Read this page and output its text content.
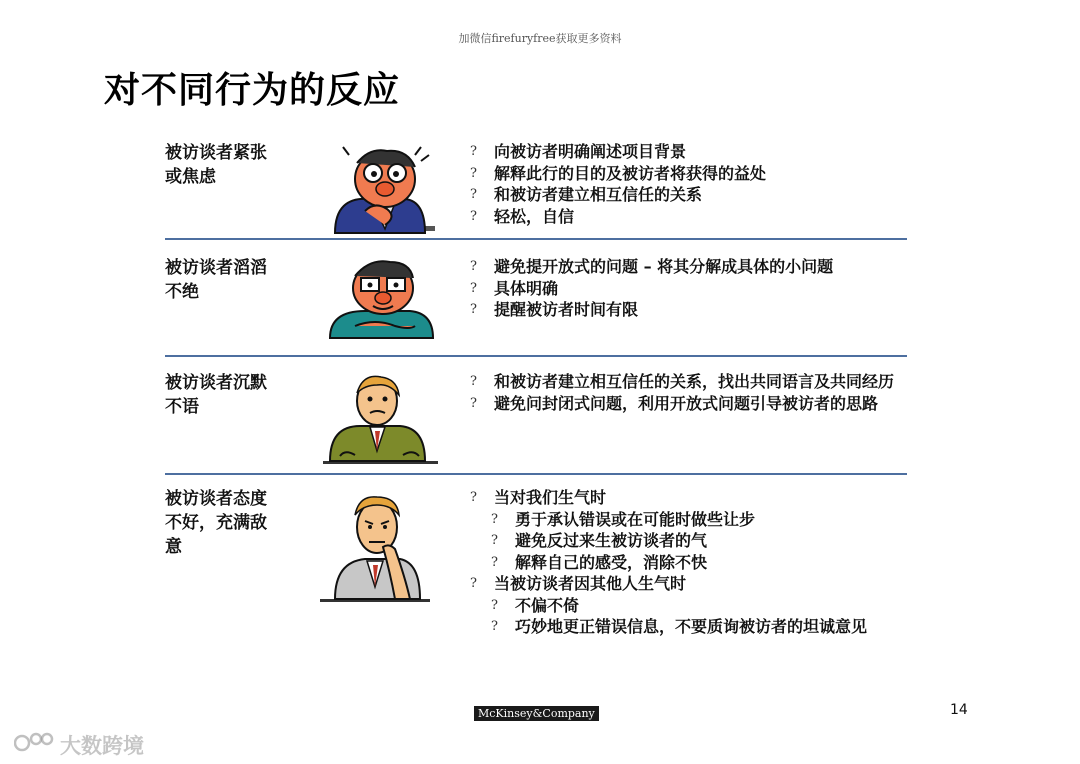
加微信firefuryfree获取更多资料
对不同行为的反应
被访谈者紧张
或焦虑
? 向被访者明确阐述项目背景
? 解释此行的目的及被访者将获得的益处
? 和被访者建立相互信任的关系
? 轻松，自信
被访谈者滔滔
不绝
? 避免提开放式的问题 – 将其分解成具体的小问题
? 具体明确
? 提醒被访者时间有限
被访谈者沉默
不语
? 和被访者建立相互信任的关系，找出共同语言及共同经历
? 避免问封闭式问题，利用开放式问题引导被访者的思路
被访谈者态度
不好，充满敌
意
? 当对我们生气时
? 勇于承认错误或在可能时做些让步
? 避免反过来生被访谈者的气
? 解释自己的感受，消除不快
? 当被访谈者因其他人生气时
? 不偏不倚
? 巧妙地更正错误信息，不要质询被访者的坦诚意见
McKinsey&Company	14
大数跨境
